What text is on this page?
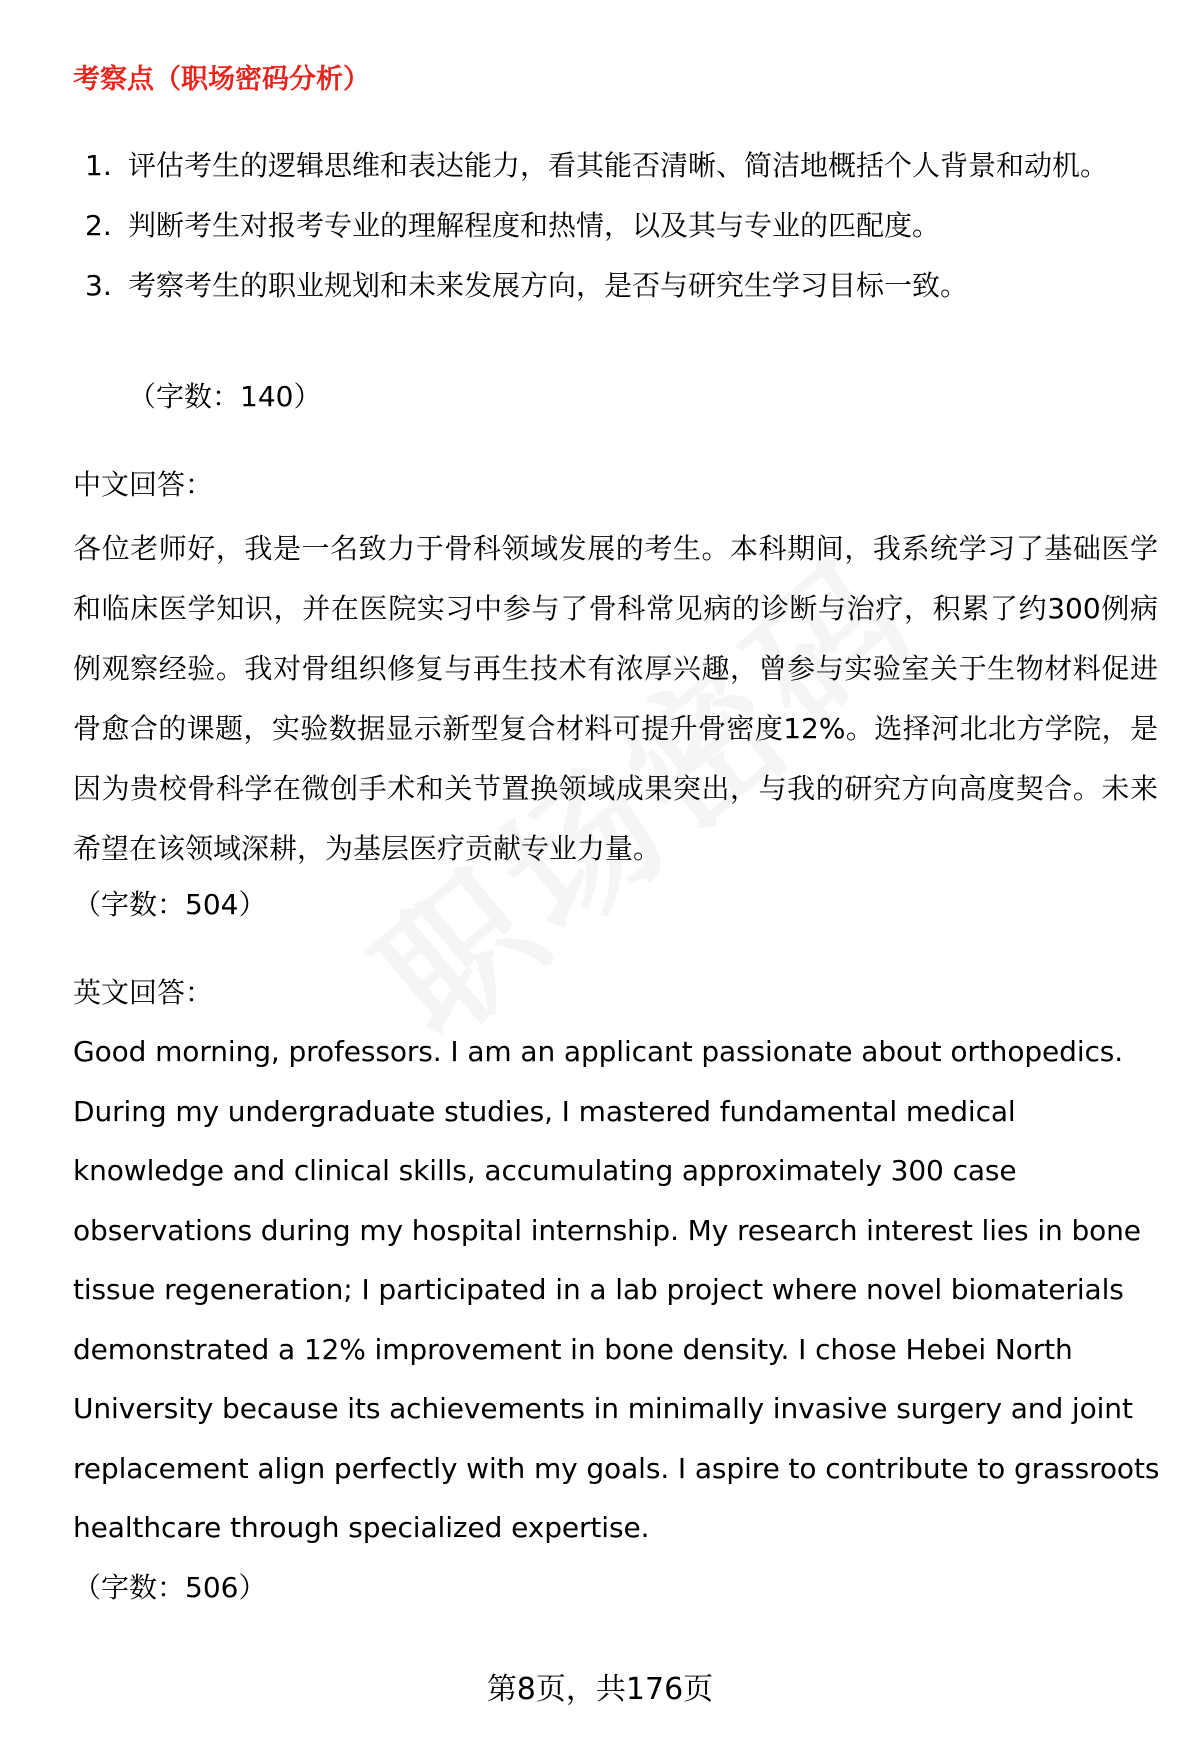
考察点（职场密码分析）
1. 评估考生的逻辑思维和表达能力，看其能否清晰、简洁地概括个人背景和动机。
2. 判断考生对报考专业的理解程度和热情，以及其与专业的匹配度。
3. 考察考生的职业规划和未来发展方向，是否与研究生学习目标一致。
（字数：140）
中文回答：
各位老师好，我是一名致力于骨科领域发展的考生。本科期间，我系统学习了基础医学和临床医学知识，并在医院实习中参与了骨科常见病的诊断与治疗，积累了约300例病例观察经验。我对骨组织修复与再生技术有浓厚兴趣，曾参与实验室关于生物材料促进骨愈合的课题，实验数据显示新型复合材料可提升骨密度12%。选择河北北方学院，是因为贵校骨科学在微创手术和关节置换领域成果突出，与我的研究方向高度契合。未来希望在该领域深耕，为基层医疗贡献专业力量。
（字数：504）
英文回答：
Good morning, professors. I am an applicant passionate about orthopedics. During my undergraduate studies, I mastered fundamental medical knowledge and clinical skills, accumulating approximately 300 case observations during my hospital internship. My research interest lies in bone tissue regeneration; I participated in a lab project where novel biomaterials demonstrated a 12% improvement in bone density. I chose Hebei North University because its achievements in minimally invasive surgery and joint replacement align perfectly with my goals. I aspire to contribute to grassroots healthcare through specialized expertise.
（字数：506）
第8页，共176页
